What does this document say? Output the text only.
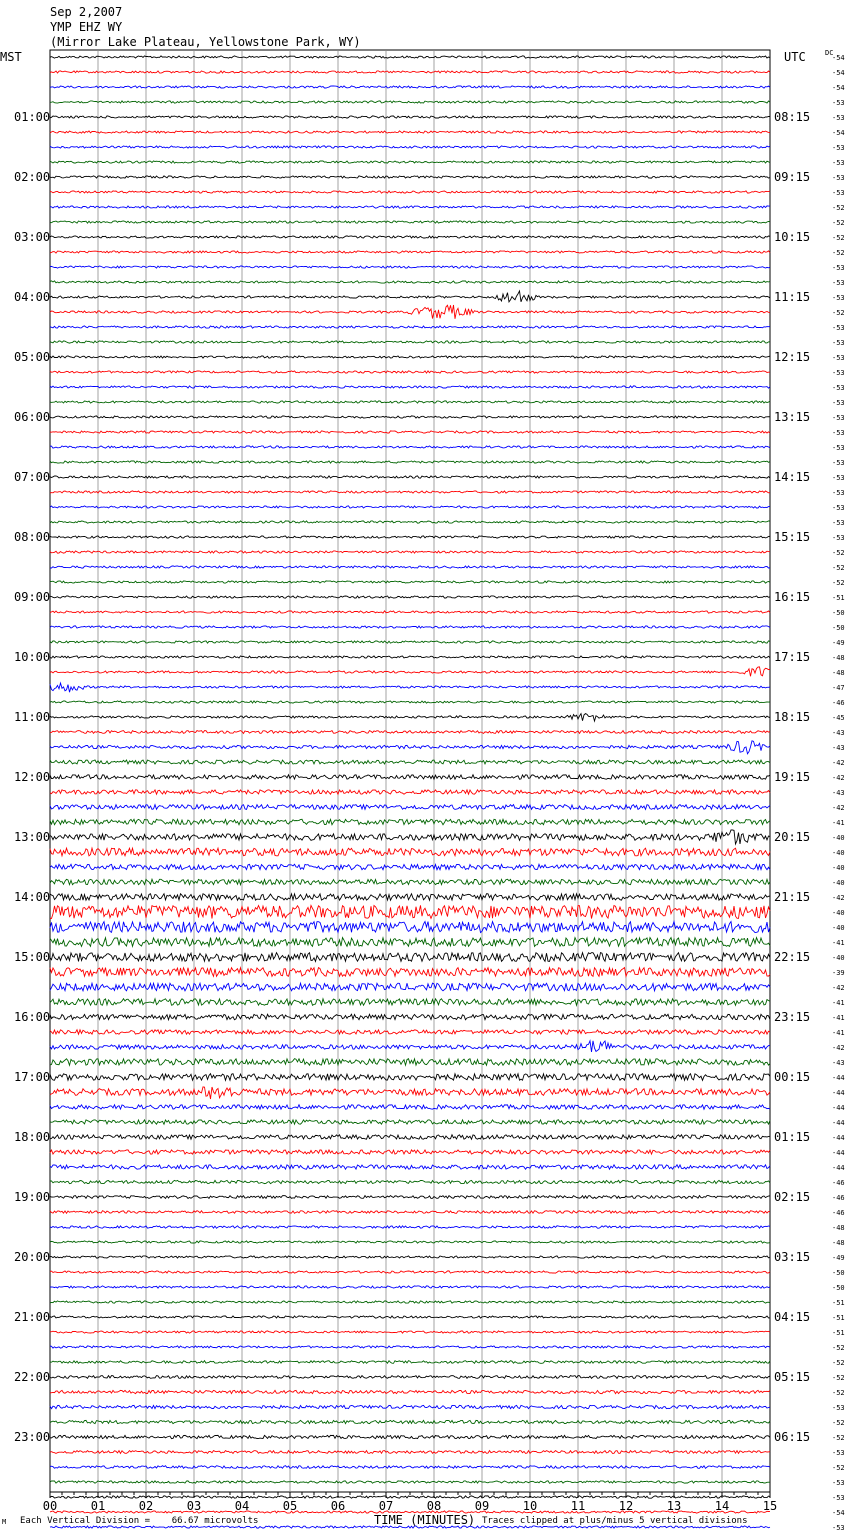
Sep 2,2007
YMP EHZ WY
(Mirror Lake Plateau, Yellowstone Park, WY)
-54
-54
-54
-53
-53
-54
-53
-53
-53
-53
-52
-52
-52
-52
-53
-53
-53
-52
-53
-53
-53
-53
-53
-53
-53
-53
-53
-53
-53
-53
-53
-53
-53
-52
-52
-52
-51
-50
-50
-49
-48
-48
-47
-46
-45
-43
-43
-42
-42
-43
-42
-41
-40
-40
-40
-40
-42
-40
-40
-41
-40
-39
-42
-41
-41
-41
-42
-43
-44
-44
-44
-44
-44
-44
-44
-46
-46
-46
-48
-48
-49
-50
-50
-51
-51
-51
-52
-52
-52
-52
-53
-52
-52
-53
-52
-53
-53
-54
-53
DC
MST	UTC
01:00
02:00
03:00
04:00
05:00
06:00
07:00
08:00
09:00
10:00
11:00
12:00
13:00
14:00
15:00
16:00
17:00
18:00
19:00
20:00
21:00
22:00
23:00
08:15
09:15
10:15
11:15
12:15
13:15
14:15
15:15
16:15
17:15
18:15
19:15
20:15
21:15
22:15
23:15
00:15
01:15
02:15
03:15
04:15
05:15
06:15
00	01	02	03	04	05	06	07	08	09	10	11	12	13	14	15
M Each Vertical Division =    66.67 microvolts	TIME (MINUTES) Traces clipped at plus/minus 5 vertical divisions
